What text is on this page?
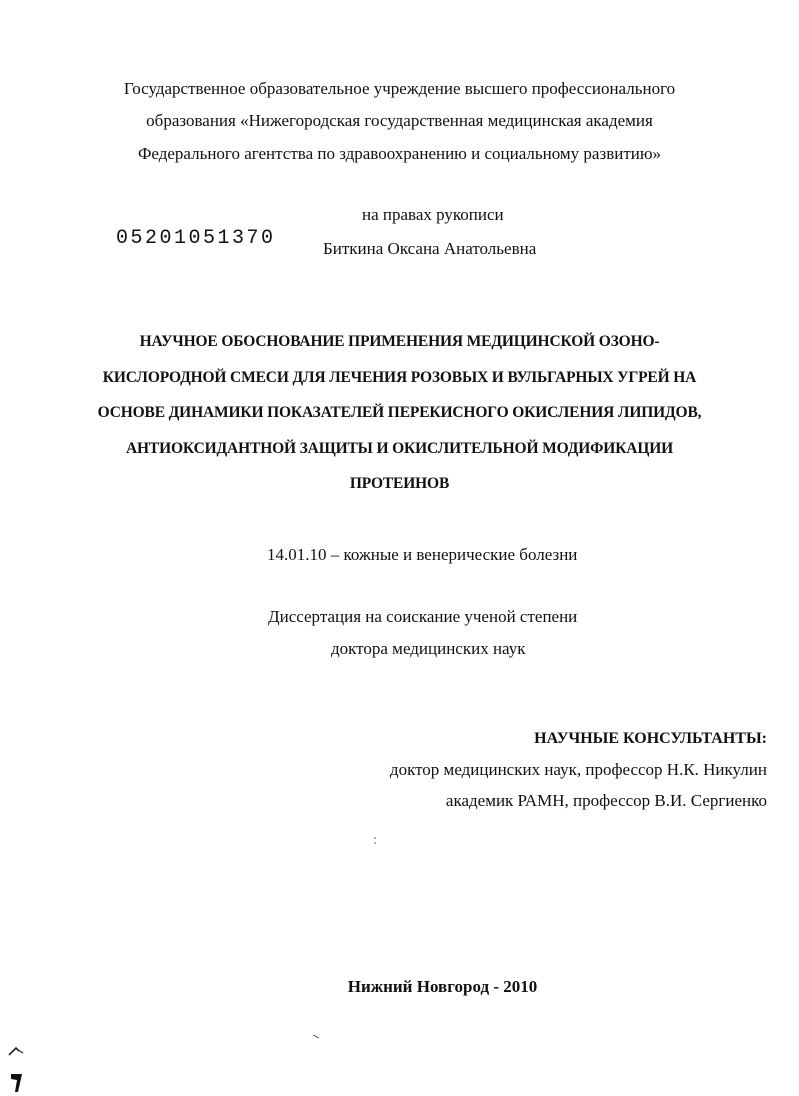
Государственное образовательное учреждение высшего профессионального
образования «Нижегородская государственная медицинская академия
Федерального агентства по здравоохранению и социальному развитию»
на правах рукописи
05201051370	Биткина Оксана Анатольевна
НАУЧНОЕ ОБОСНОВАНИЕ ПРИМЕНЕНИЯ МЕДИЦИНСКОЙ ОЗОНО-
КИСЛОРОДНОЙ СМЕСИ ДЛЯ ЛЕЧЕНИЯ РОЗОВЫХ И ВУЛЬГАРНЫХ УГРЕЙ НА
ОСНОВЕ ДИНАМИКИ ПОКАЗАТЕЛЕЙ ПЕРЕКИСНОГО ОКИСЛЕНИЯ ЛИПИДОВ,
АНТИОКСИДАНТНОЙ ЗАЩИТЫ И ОКИСЛИТЕЛЬНОЙ МОДИФИКАЦИИ
ПРОТЕИНОВ
14.01.10 – кожные и венерические болезни
Диссертация на соискание ученой степени
доктора медицинских наук
НАУЧНЫЕ КОНСУЛЬТАНТЫ:
доктор медицинских наук, профессор Н.К. Никулин
академик РАМН, профессор В.И. Сергиенко
Нижний Новгород - 2010
